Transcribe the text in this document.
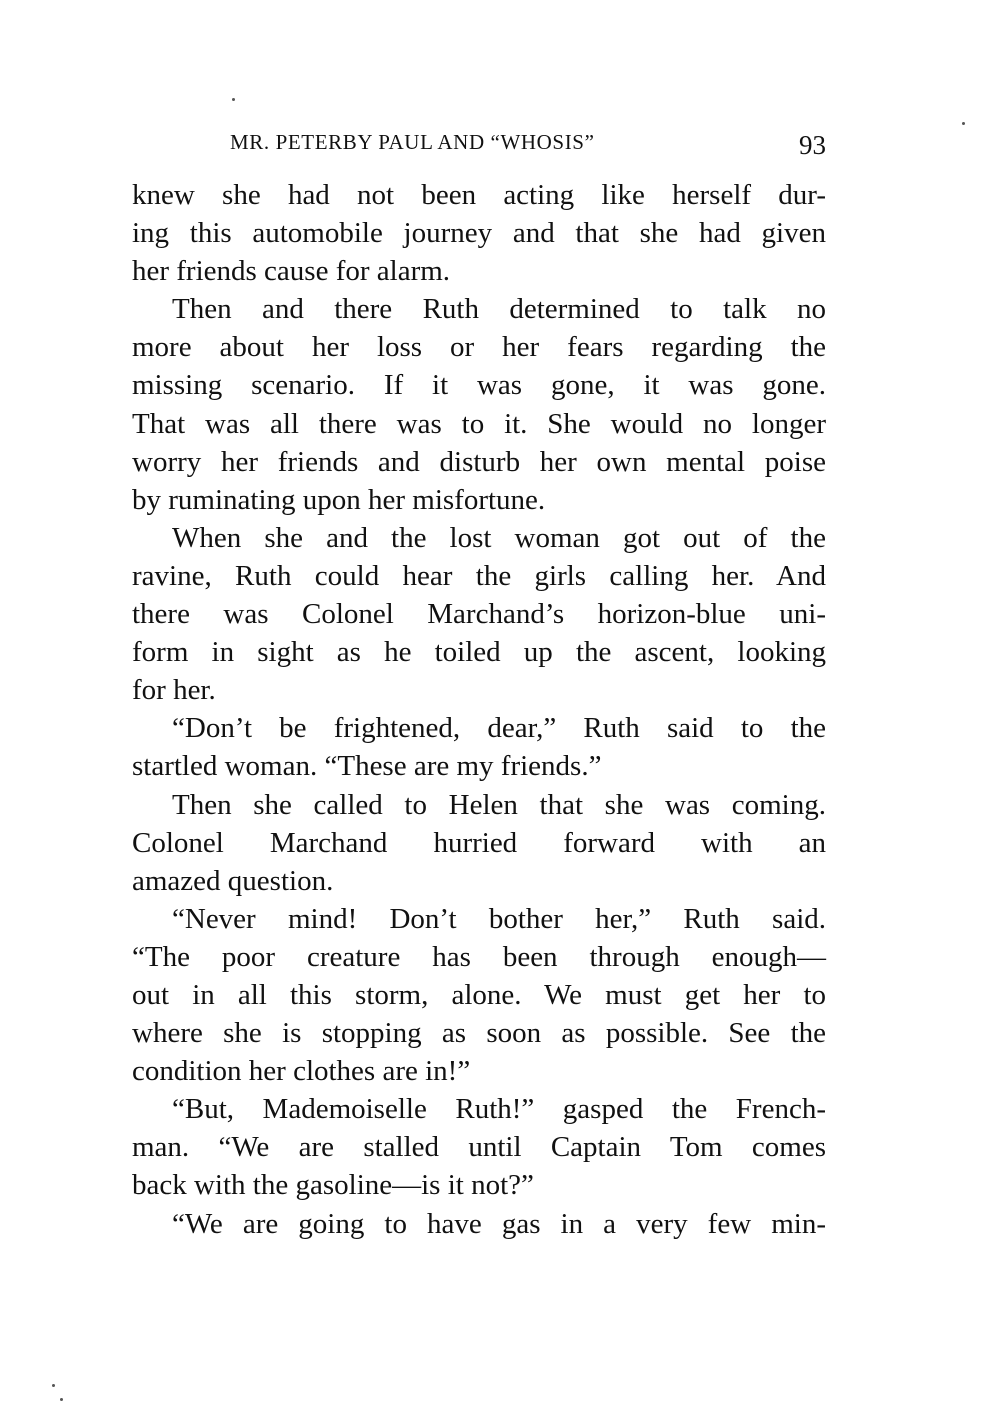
MR. PETERBY PAUL AND “WHOSIS”	93
knew she had not been acting like herself dur-
ing this automobile journey and that she had given
her friends cause for alarm.
Then and there Ruth determined to talk no
more about her loss or her fears regarding the
missing scenario. If it was gone, it was gone.
That was all there was to it. She would no longer
worry her friends and disturb her own mental poise
by ruminating upon her misfortune.
When she and the lost woman got out of the
ravine, Ruth could hear the girls calling her. And
there was Colonel Marchand’s horizon-blue uni-
form in sight as he toiled up the ascent, looking
for her.
“Don’t be frightened, dear,” Ruth said to the
startled woman. “These are my friends.”
Then she called to Helen that she was coming.
Colonel Marchand hurried forward with an
amazed question.
“Never mind! Don’t bother her,” Ruth said.
“The poor creature has been through enough—
out in all this storm, alone. We must get her to
where she is stopping as soon as possible. See the
condition her clothes are in!”
“But, Mademoiselle Ruth!” gasped the French-
man. “We are stalled until Captain Tom comes
back with the gasoline—is it not?”
“We are going to have gas in a very few min-
